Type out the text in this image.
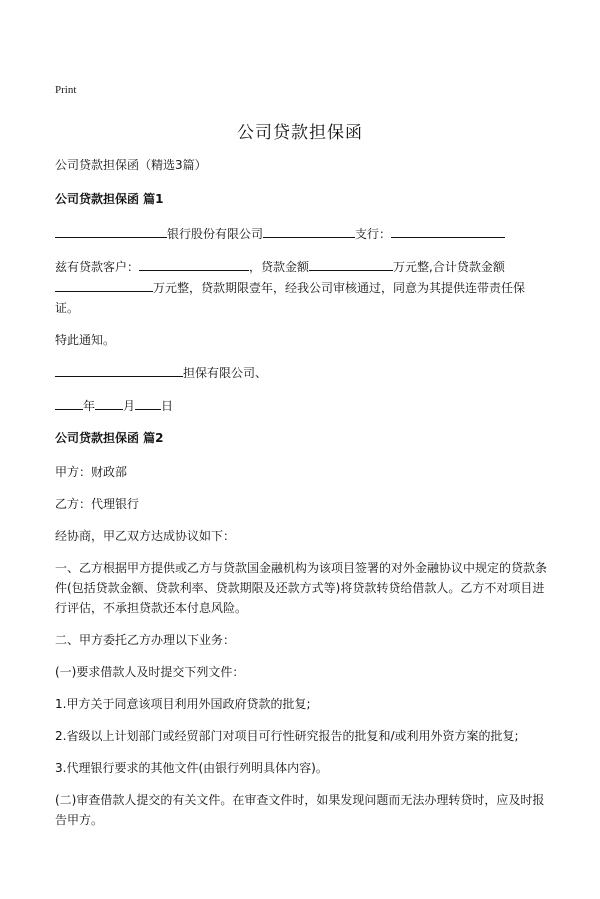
Print
公司贷款担保函

公司贷款担保函（精选3篇）

公司贷款担保函 篇1

银行股份有限公司	支行：

兹有贷款客户：	，贷款金额	万元整,合计贷款金额万元整，贷款期限壹年，经我公司审核通过，同意为其提供连带责任保证。

特此通知。

担保有限公司、

年 月 日

公司贷款担保函 篇2

甲方：财政部

乙方：代理银行

经协商，甲乙双方达成协议如下：

一、乙方根据甲方提供或乙方与贷款国金融机构为该项目签署的对外金融协议中规定的贷款条件(包括贷款金额、贷款利率、贷款期限及还款方式等)将贷款转贷给借款人。乙方不对项目进行评估，不承担贷款还本付息风险。

二、甲方委托乙方办理以下业务：

(一)要求借款人及时提交下列文件：

1.甲方关于同意该项目利用外国政府贷款的批复;

2.省级以上计划部门或经贸部门对项目可行性研究报告的批复和/或利用外资方案的批复;

3.代理银行要求的其他文件(由银行列明具体内容)。

(二)审查借款人提交的有关文件。在审查文件时，如果发现问题而无法办理转贷时，应及时报告甲方。
